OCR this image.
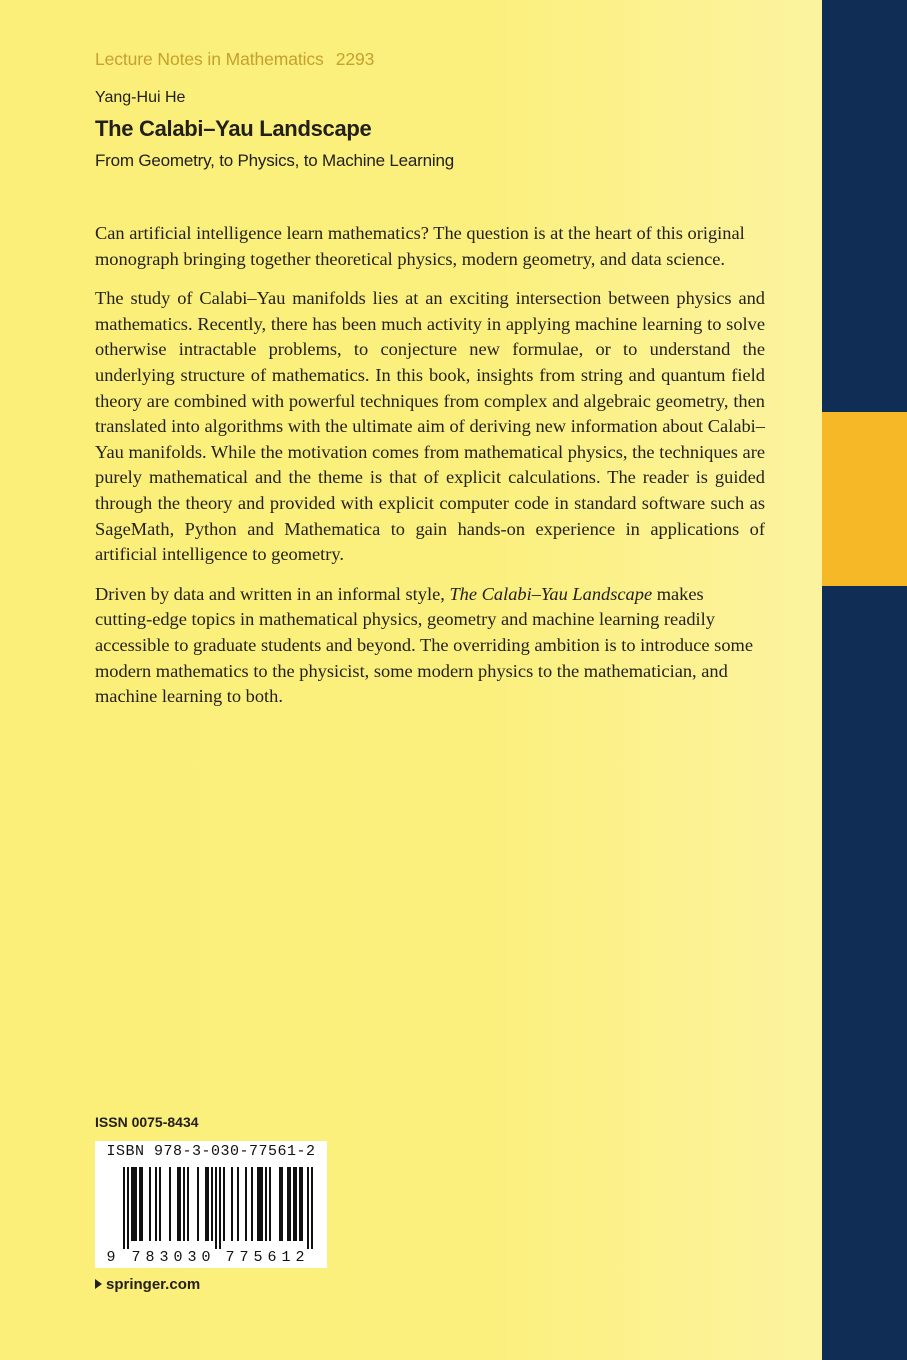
Lecture Notes in Mathematics 2293
Yang-Hui He
The Calabi–Yau Landscape
From Geometry, to Physics, to Machine Learning

Can artificial intelligence learn mathematics? The question is at the heart of this original monograph bringing together theoretical physics, modern geometry, and data science.

The study of Calabi–Yau manifolds lies at an exciting intersection between physics and mathematics. Recently, there has been much activity in applying machine learning to solve otherwise intractable problems, to conjecture new formulae, or to understand the underlying structure of mathematics. In this book, insights from string and quantum field theory are combined with powerful techniques from complex and algebraic geometry, then translated into algorithms with the ultimate aim of deriving new information about Calabi–Yau manifolds. While the motivation comes from mathematical physics, the techniques are purely mathematical and the theme is that of explicit calculations. The reader is guided through the theory and provided with explicit computer code in standard software such as SageMath, Python and Mathematica to gain hands-on experience in applications of artificial intelligence to geometry.

Driven by data and written in an informal style, The Calabi–Yau Landscape makes cutting-edge topics in mathematical physics, geometry and machine learning readily accessible to graduate students and beyond. The overriding ambition is to introduce some modern mathematics to the physicist, some modern physics to the mathematician, and machine learning to both.

ISSN 0075-8434
ISBN 978-3-030-77561-2
9 7 8 3 0 3 0 7 7 5 6 1 2
springer.com
